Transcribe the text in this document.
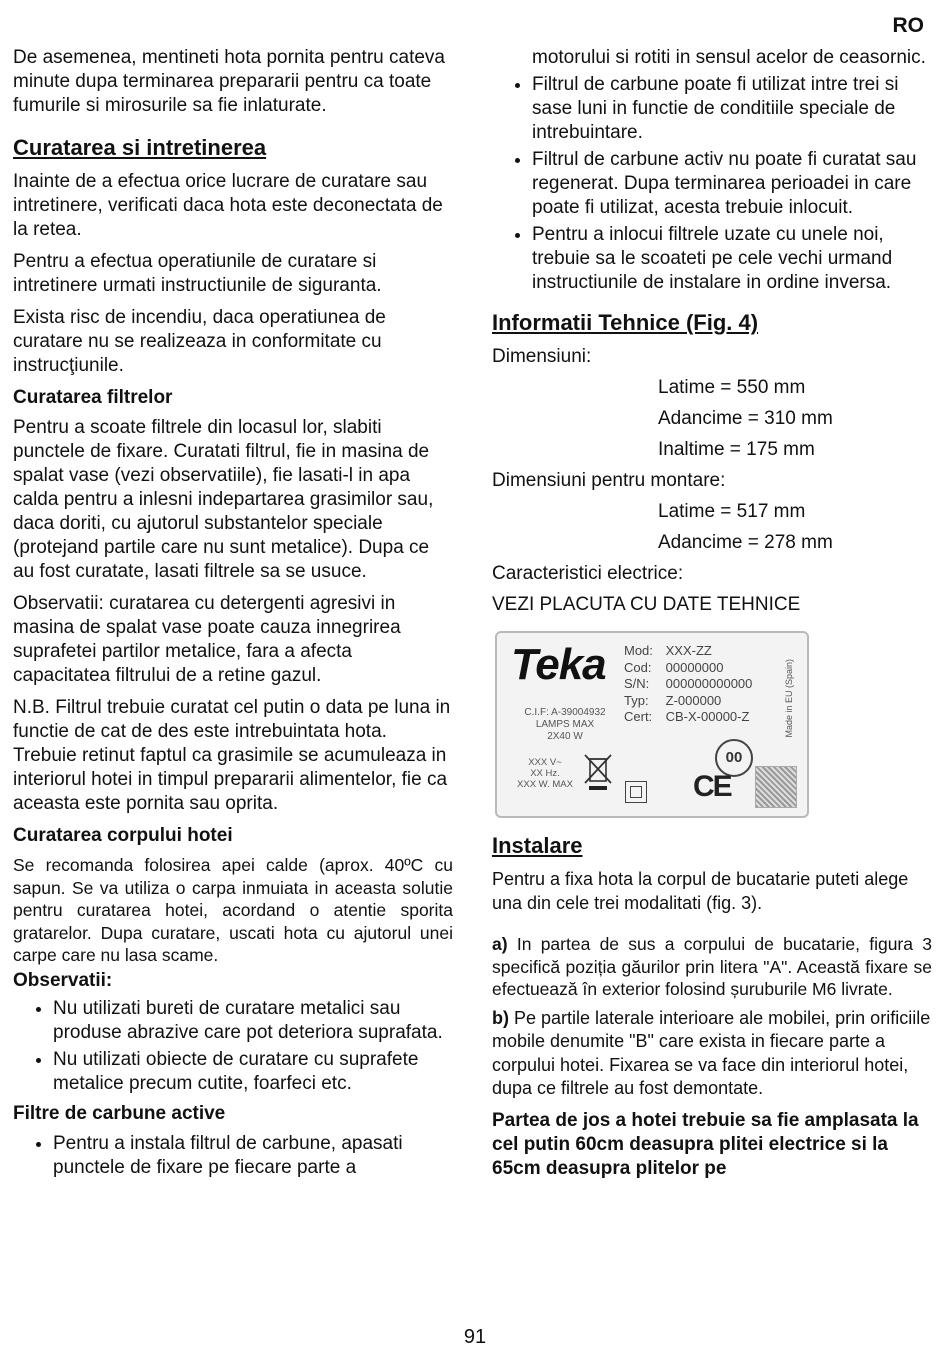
RO

De asemenea, mentineti hota pornita pentru cateva minute dupa terminarea prepararii pentru ca toate fumurile si mirosurile sa fie inlaturate.

Curatarea si intretinerea

Inainte de a efectua orice lucrare de curatare sau intretinere, verificati daca hota este deconectata de la retea.

Pentru a efectua operatiunile de curatare si intretinere urmati instructiunile de siguranta.

Exista risc de incendiu, daca operatiunea de curatare nu se realizeaza in conformitate cu instrucţiunile.

Curatarea filtrelor

Pentru a scoate filtrele din locasul lor, slabiti punctele de fixare. Curatati filtrul, fie in masina de spalat vase (vezi observatiile), fie lasati-l in apa calda pentru a inlesni indepartarea grasimilor sau, daca doriti, cu ajutorul substantelor speciale (protejand partile care nu sunt metalice). Dupa ce au fost curatate, lasati filtrele sa se usuce.

Observatii: curatarea cu detergenti agresivi in masina de spalat vase poate cauza innegrirea suprafetei partilor metalice, fara a afecta capacitatea filtrului de a retine gazul.

N.B. Filtrul trebuie curatat cel putin o data pe luna in functie de cat de des este intrebuintata hota. Trebuie retinut faptul ca grasimile se acumuleaza in interiorul hotei in timpul prepararii alimentelor, fie ca aceasta este pornita sau oprita.

Curatarea corpului hotei

Se recomanda folosirea apei calde (aprox. 40ºC cu sapun. Se va utiliza o carpa inmuiata in aceasta solutie pentru curatarea hotei, acordand o atentie sporita gratarelor. Dupa curatare, uscati hota cu ajutorul unei carpe care nu lasa scame.

Observatii:
• Nu utilizati bureti de curatare metalici sau produse abrazive care pot deteriora suprafata.
• Nu utilizati obiecte de curatare cu suprafete metalice precum cutite, foarfeci etc.
Filtre de carbune active
• Pentru a instala filtrul de carbune, apasati punctele de fixare pe fiecare parte a
motorului si rotiti in sensul acelor de ceasornic.
• Filtrul de carbune poate fi utilizat intre trei si sase luni in functie de conditiile speciale de intrebuintare.
• Filtrul de carbune activ nu poate fi curatat sau regenerat. Dupa terminarea perioadei in care poate fi utilizat, acesta trebuie inlocuit.
• Pentru a inlocui filtrele uzate cu unele noi, trebuie sa le scoateti pe cele vechi urmand instructiunile de instalare in ordine inversa.
Informatii Tehnice (Fig. 4)
Dimensiuni:
Latime = 550 mm
Adancime = 310 mm
Inaltime = 175 mm
Dimensiuni pentru montare:
Latime = 517 mm
Adancime = 278 mm
Caracteristici electrice:
VEZI PLACUTA CU DATE TEHNICE
Teka
C.I.F: A-39004932
LAMPS MAX
2X40 W
XXX V~
XX Hz.
XXX W. MAX
Mod: XXX-ZZ
Cod: 00000000
S/N: 000000000000
Typ: Z-000000
Cert: CB-X-00000-Z	Made in EU (Spain)
00
CE
Instalare

Pentru a fixa hota la corpul de bucatarie puteti alege una din cele trei modalitati (fig. 3).

a) In partea de sus a corpului de bucatarie, figura 3 specifică poziția găurilor prin litera "A". Această fixare se efectuează în exterior folosind șuruburile M6 livrate.

b) Pe partile laterale interioare ale mobilei, prin orificiile mobile denumite "B" care exista in fiecare parte a corpului hotei. Fixarea se va face din interiorul hotei, dupa ce filtrele au fost demontate.

Partea de jos a hotei trebuie sa fie amplasata la cel putin 60cm deasupra plitei electrice si la 65cm deasupra plitelor pe

91
